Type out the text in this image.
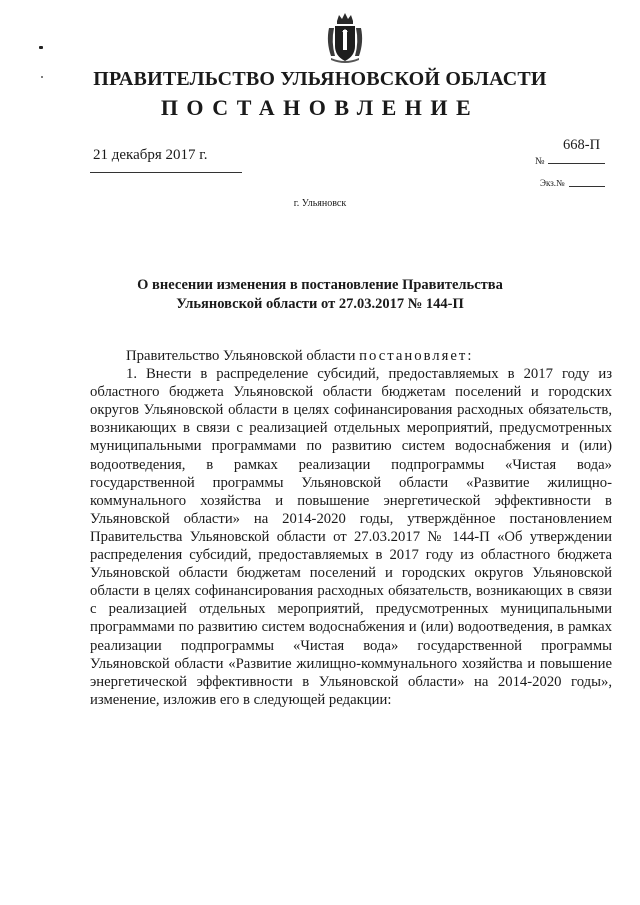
ПРАВИТЕЛЬСТВО УЛЬЯНОВСКОЙ ОБЛАСТИ
ПОСТАНОВЛЕНИЕ
21 декабря 2017 г.
668-П
№
Экз.№
г. Ульяновск
О внесении изменения в постановление Правительства
Ульяновской области от 27.03.2017 № 144-П

Правительство Ульяновской области постановляет:

1. Внести в распределение субсидий, предоставляемых в 2017 году из областного бюджета Ульяновской области бюджетам поселений и городских округов Ульяновской области в целях софинансирования расходных обязательств, возникающих в связи с реализацией отдельных мероприятий, предусмотренных муниципальными программами по развитию систем водоснабжения и (или) водоотведения, в рамках реализации подпрограммы «Чистая вода» государственной программы Ульяновской области «Развитие жилищно-коммунального хозяйства и повышение энергетической эффективности в Ульяновской области» на 2014-2020 годы, утверждённое постановлением Правительства Ульяновской области от 27.03.2017 № 144-П «Об утверждении распределения субсидий, предоставляемых в 2017 году из областного бюджета Ульяновской области бюджетам поселений и городских округов Ульяновской области в целях софинансирования расходных обязательств, возникающих в связи с реализацией отдельных мероприятий, предусмотренных муниципальными программами по развитию систем водоснабжения и (или) водоотведения, в рамках реализации подпрограммы «Чистая вода» государственной программы Ульяновской области «Развитие жилищно-коммунального хозяйства и повышение энергетической эффективности в Ульяновской области» на 2014-2020 годы», изменение, изложив его в следующей редакции:
